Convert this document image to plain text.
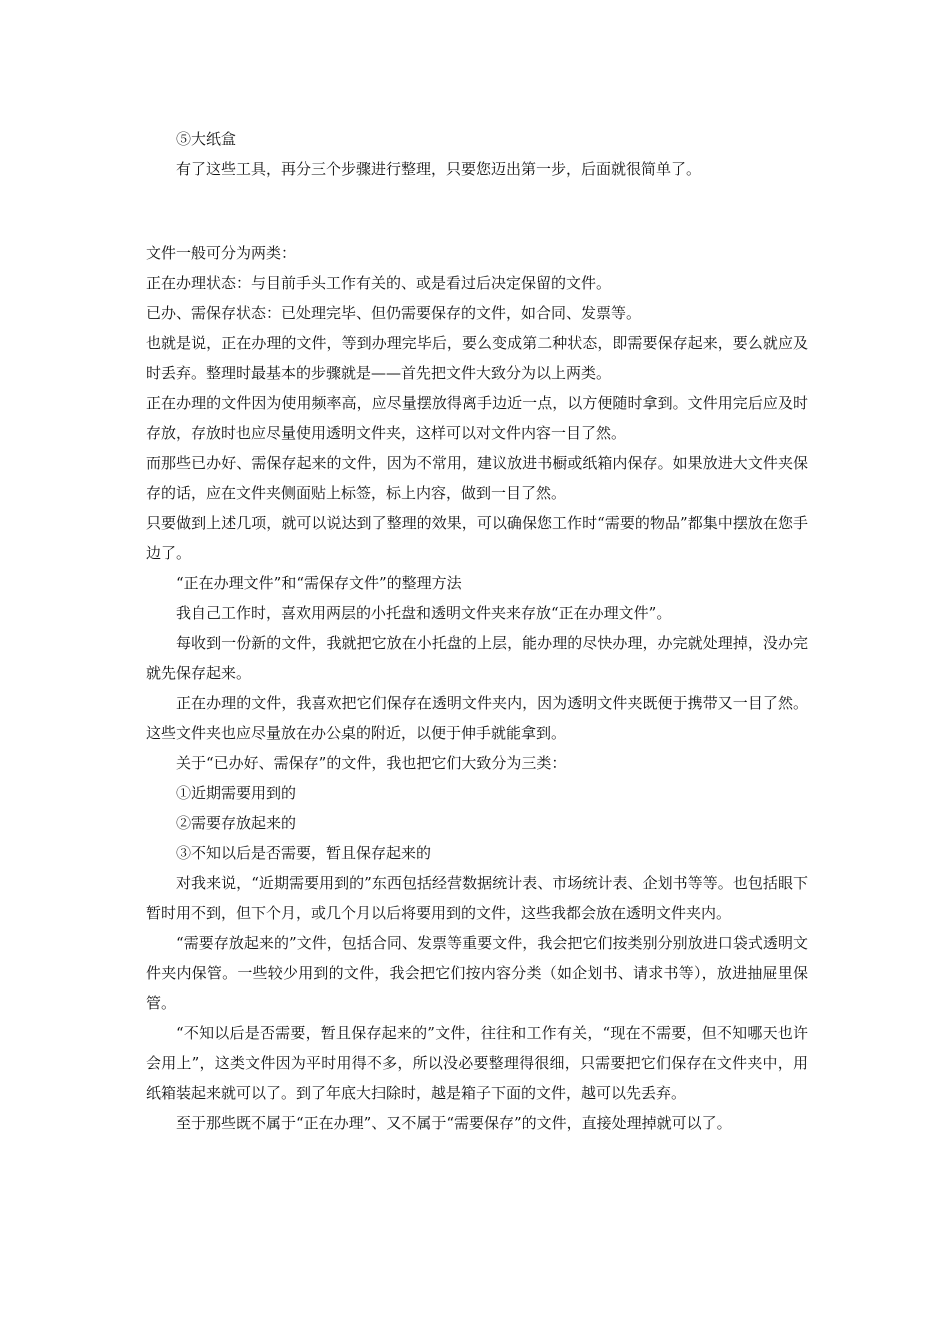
⑤大纸盒

有了这些工具，再分三个步骤进行整理，只要您迈出第一步，后面就很简单了。

文件一般可分为两类：

正在办理状态：与目前手头工作有关的、或是看过后决定保留的文件。

已办、需保存状态：已处理完毕、但仍需要保存的文件，如合同、发票等。

也就是说，正在办理的文件，等到办理完毕后，要么变成第二种状态，即需要保存起来，要么就应及时丢弃。整理时最基本的步骤就是——首先把文件大致分为以上两类。

正在办理的文件因为使用频率高，应尽量摆放得离手边近一点，以方便随时拿到。文件用完后应及时存放，存放时也应尽量使用透明文件夹，这样可以对文件内容一目了然。

而那些已办好、需保存起来的文件，因为不常用，建议放进书橱或纸箱内保存。如果放进大文件夹保存的话，应在文件夹侧面贴上标签，标上内容，做到一目了然。

只要做到上述几项，就可以说达到了整理的效果，可以确保您工作时“需要的物品”都集中摆放在您手边了。

“正在办理文件”和“需保存文件”的整理方法

我自己工作时，喜欢用两层的小托盘和透明文件夹来存放“正在办理文件”。

每收到一份新的文件，我就把它放在小托盘的上层，能办理的尽快办理，办完就处理掉，没办完就先保存起来。

正在办理的文件，我喜欢把它们保存在透明文件夹内，因为透明文件夹既便于携带又一目了然。这些文件夹也应尽量放在办公桌的附近，以便于伸手就能拿到。

关于“已办好、需保存”的文件，我也把它们大致分为三类：

①近期需要用到的

②需要存放起来的

③不知以后是否需要，暂且保存起来的

对我来说，“近期需要用到的”东西包括经营数据统计表、市场统计表、企划书等等。也包括眼下暂时用不到，但下个月，或几个月以后将要用到的文件，这些我都会放在透明文件夹内。

“需要存放起来的”文件，包括合同、发票等重要文件，我会把它们按类别分别放进口袋式透明文件夹内保管。一些较少用到的文件，我会把它们按内容分类（如企划书、请求书等），放进抽屉里保管。

“不知以后是否需要，暂且保存起来的”文件，往往和工作有关，“现在不需要，但不知哪天也许会用上”，这类文件因为平时用得不多，所以没必要整理得很细，只需要把它们保存在文件夹中，用纸箱装起来就可以了。到了年底大扫除时，越是箱子下面的文件，越可以先丢弃。

至于那些既不属于“正在办理”、又不属于“需要保存”的文件，直接处理掉就可以了。
